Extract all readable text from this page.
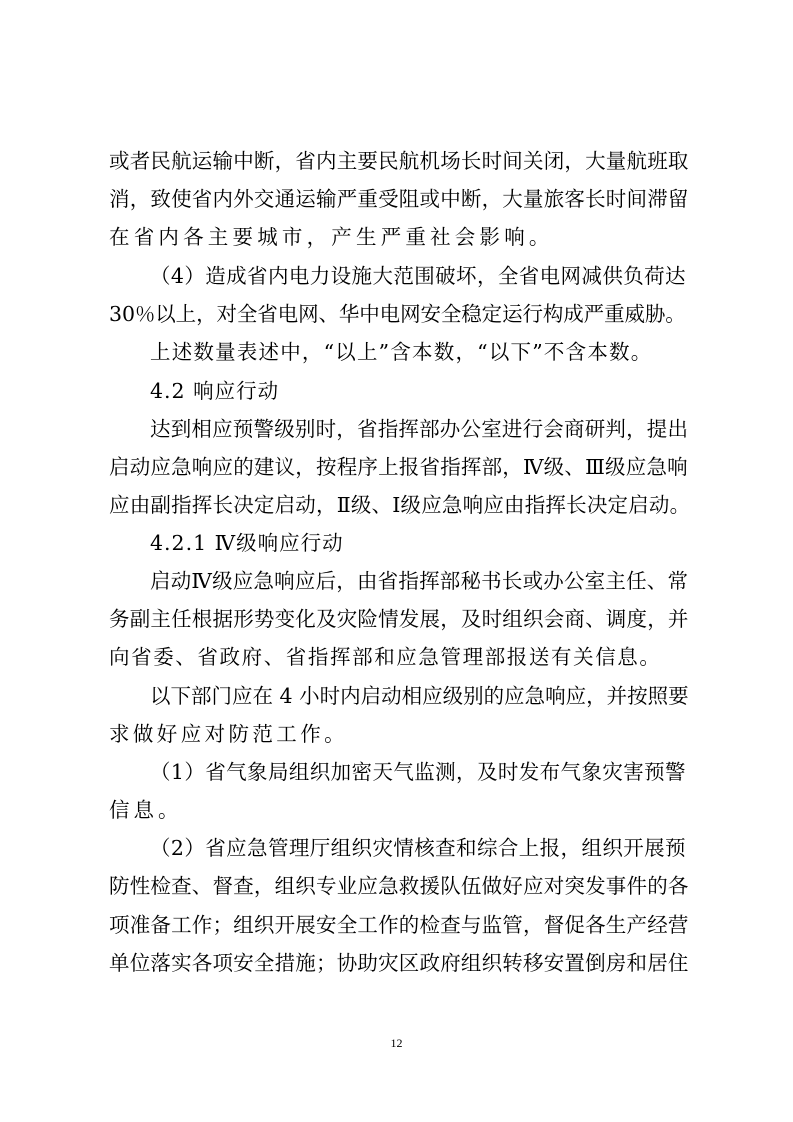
或者民航运输中断，省内主要民航机场长时间关闭，大量航班取
消，致使省内外交通运输严重受阻或中断，大量旅客长时间滞留
在省内各主要城市，产生严重社会影响。
（4）造成省内电力设施大范围破坏，全省电网减供负荷达
30％以上，对全省电网、华中电网安全稳定运行构成严重威胁。
上述数量表述中，“以上”含本数，“以下”不含本数。
4.2 响应行动
达到相应预警级别时，省指挥部办公室进行会商研判，提出
启动应急响应的建议，按程序上报省指挥部，Ⅳ级、Ⅲ级应急响
应由副指挥长决定启动，Ⅱ级、Ⅰ级应急响应由指挥长决定启动。
4.2.1 Ⅳ级响应行动
启动Ⅳ级应急响应后，由省指挥部秘书长或办公室主任、常
务副主任根据形势变化及灾险情发展，及时组织会商、调度，并
向省委、省政府、省指挥部和应急管理部报送有关信息。
以下部门应在 4 小时内启动相应级别的应急响应，并按照要
求做好应对防范工作。
（1）省气象局组织加密天气监测，及时发布气象灾害预警
信息。
（2）省应急管理厅组织灾情核查和综合上报，组织开展预
防性检查、督查，组织专业应急救援队伍做好应对突发事件的各
项准备工作；组织开展安全工作的检查与监管，督促各生产经营
单位落实各项安全措施；协助灾区政府组织转移安置倒房和居住
12
